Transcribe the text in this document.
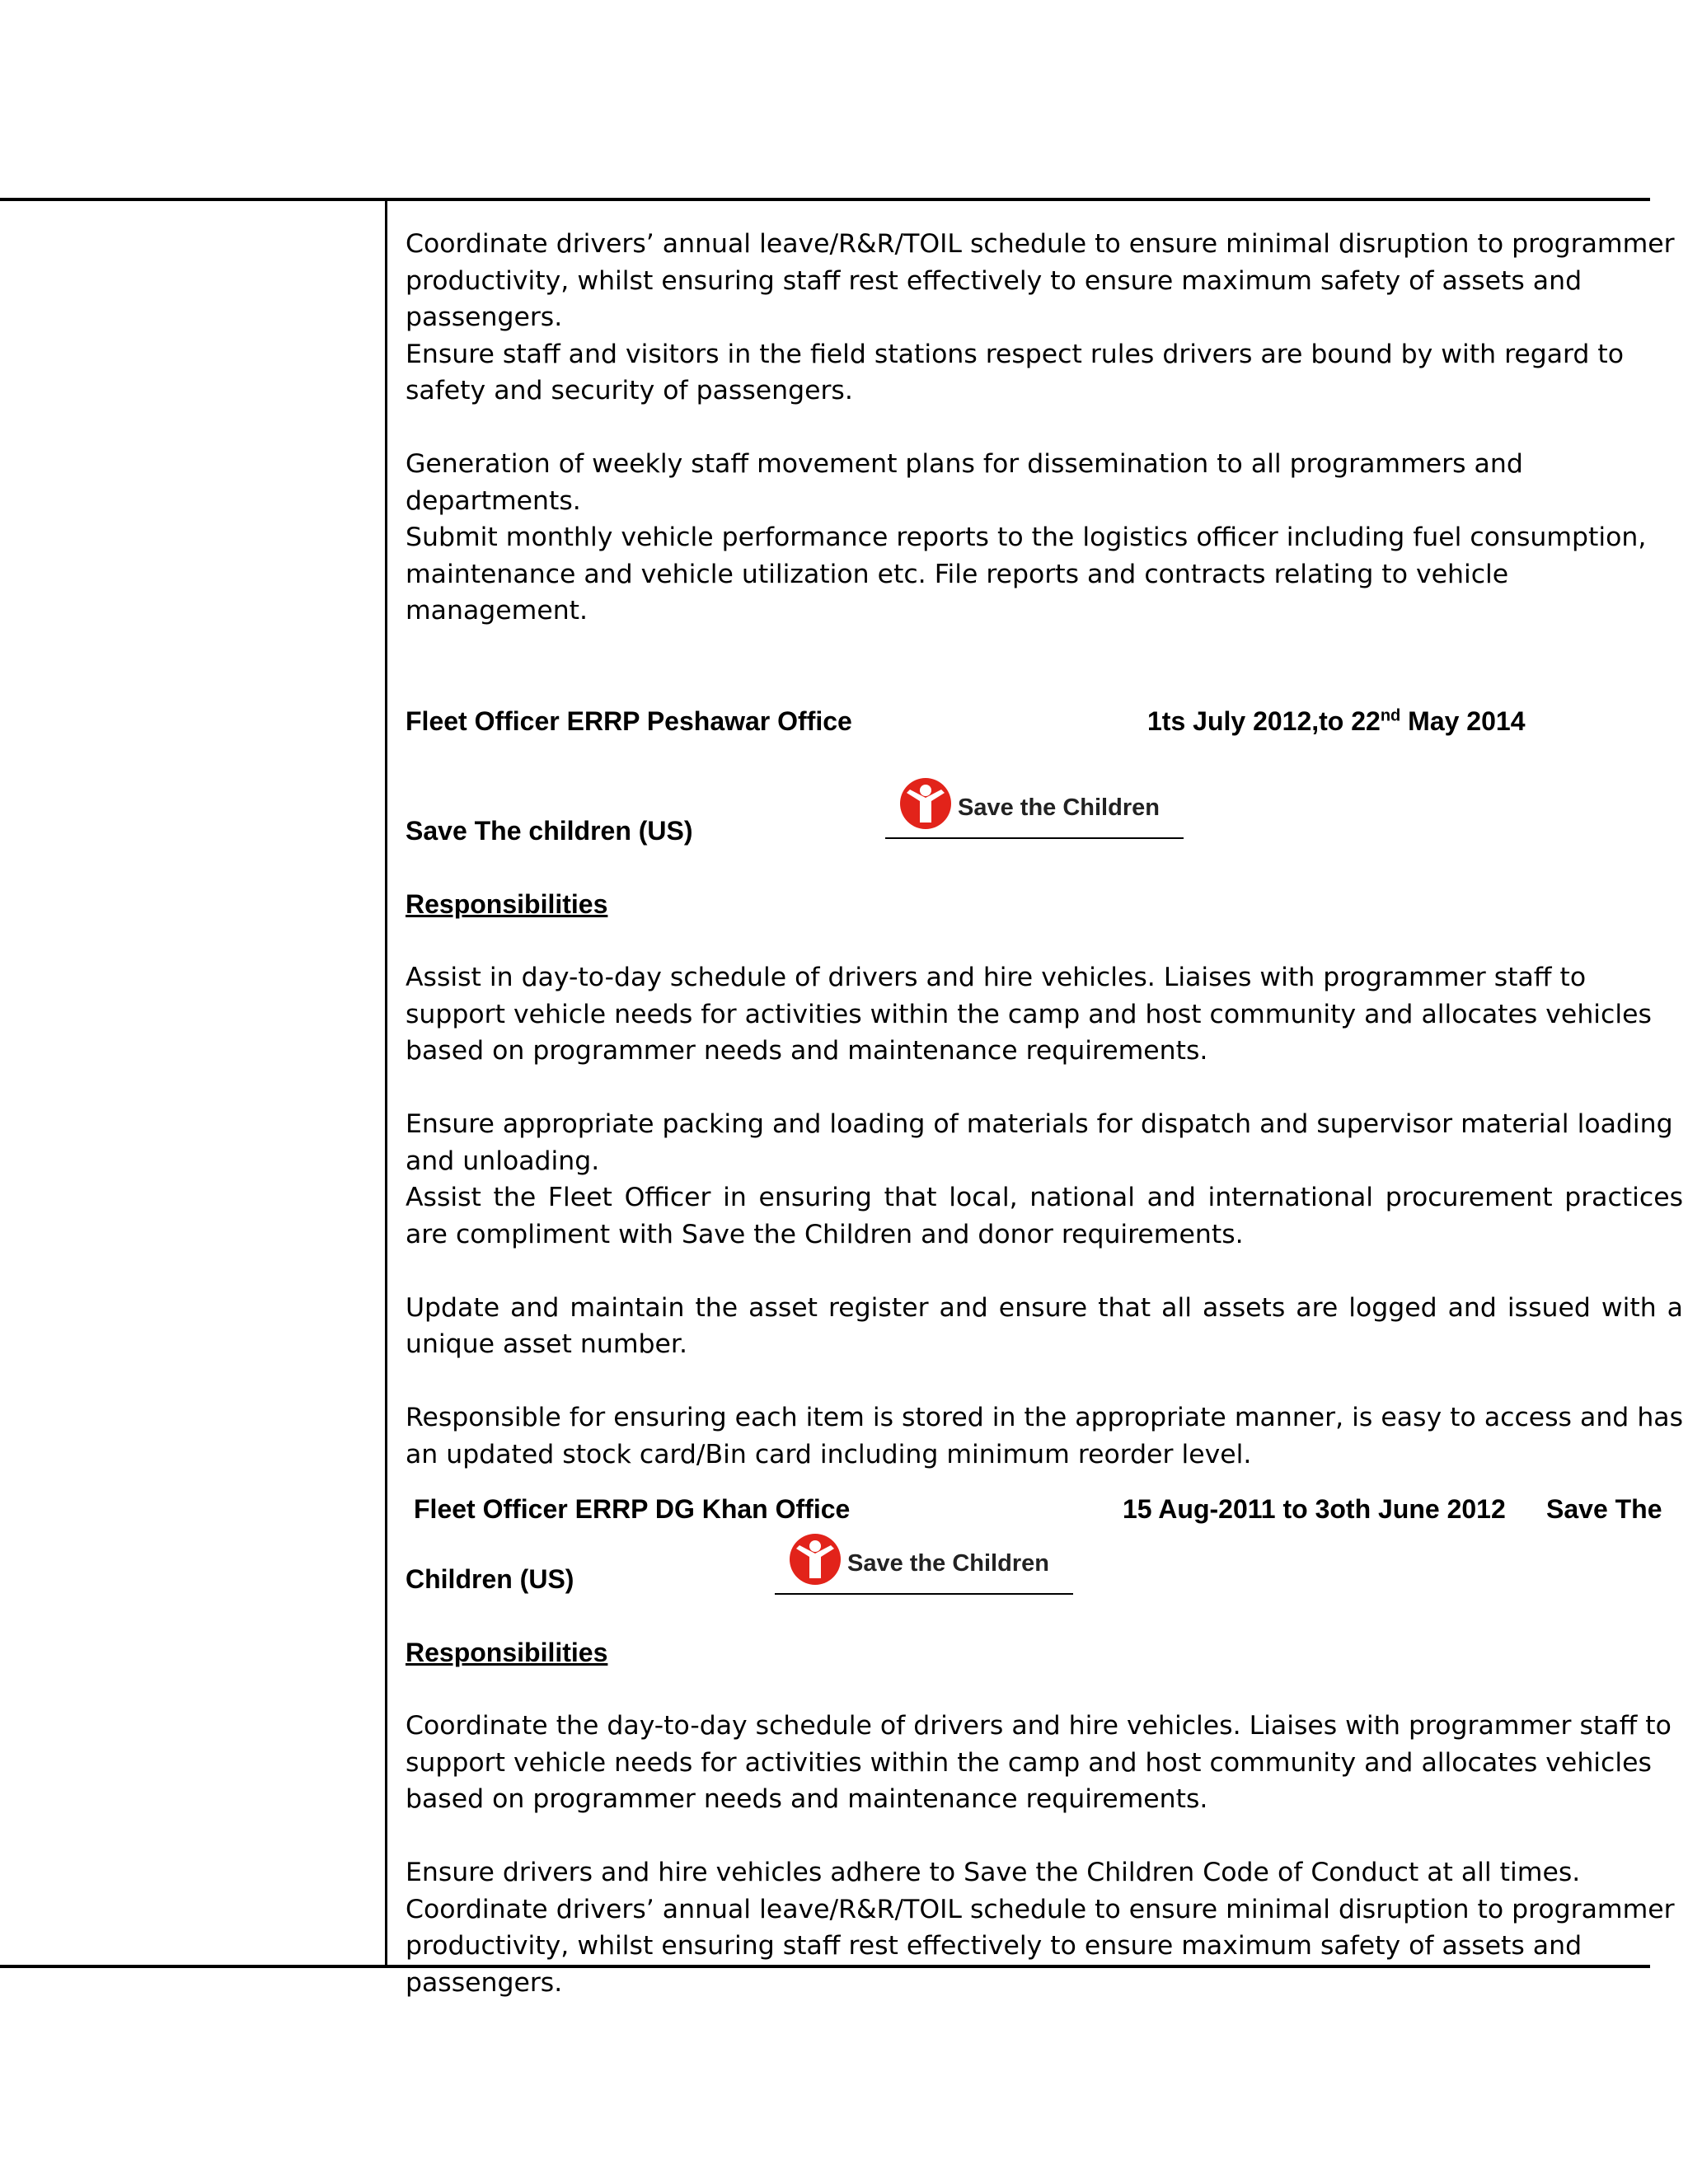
Coordinate drivers’ annual leave/R&R/TOIL schedule to ensure minimal disruption to programmer productivity, whilst ensuring staff rest effectively to ensure maximum safety of assets and passengers.

Ensure staff and visitors in the field stations respect rules drivers are bound by with regard to safety and security of passengers.

Generation of weekly staff movement plans for dissemination to all programmers and departments.

Submit monthly vehicle performance reports to the logistics officer including fuel consumption, maintenance and vehicle utilization etc. File reports and contracts relating to vehicle management.

Fleet Officer ERRP Peshawar Office	1ts July 2012,to 22nd May 2014
Save The children (US)
Save the Children
Responsibilities

Assist in day-to-day schedule of drivers and hire vehicles. Liaises with programmer staff to support vehicle needs for activities within the camp and host community and allocates vehicles based on programmer needs and maintenance requirements.

Ensure appropriate packing and loading of materials for dispatch and supervisor material loading and unloading.

Assist the Fleet Officer in ensuring that local, national and international procurement practices are compliment with Save the Children and donor requirements.

Update and maintain the asset register and ensure that all assets are logged and issued with a unique asset number.

Responsible for ensuring each item is stored in the appropriate manner, is easy to access and has an updated stock card/Bin card including minimum reorder level.

Fleet Officer ERRP DG Khan Office	15 Aug-2011 to 3oth June 2012 Save The
Children (US)
Save the Children
Responsibilities

Coordinate the day-to-day schedule of drivers and hire vehicles. Liaises with programmer staff to support vehicle needs for activities within the camp and host community and allocates vehicles based on programmer needs and maintenance requirements.

Ensure drivers and hire vehicles adhere to Save the Children Code of Conduct at all times.

Coordinate drivers’ annual leave/R&R/TOIL schedule to ensure minimal disruption to programmer productivity, whilst ensuring staff rest effectively to ensure maximum safety of assets and passengers.
